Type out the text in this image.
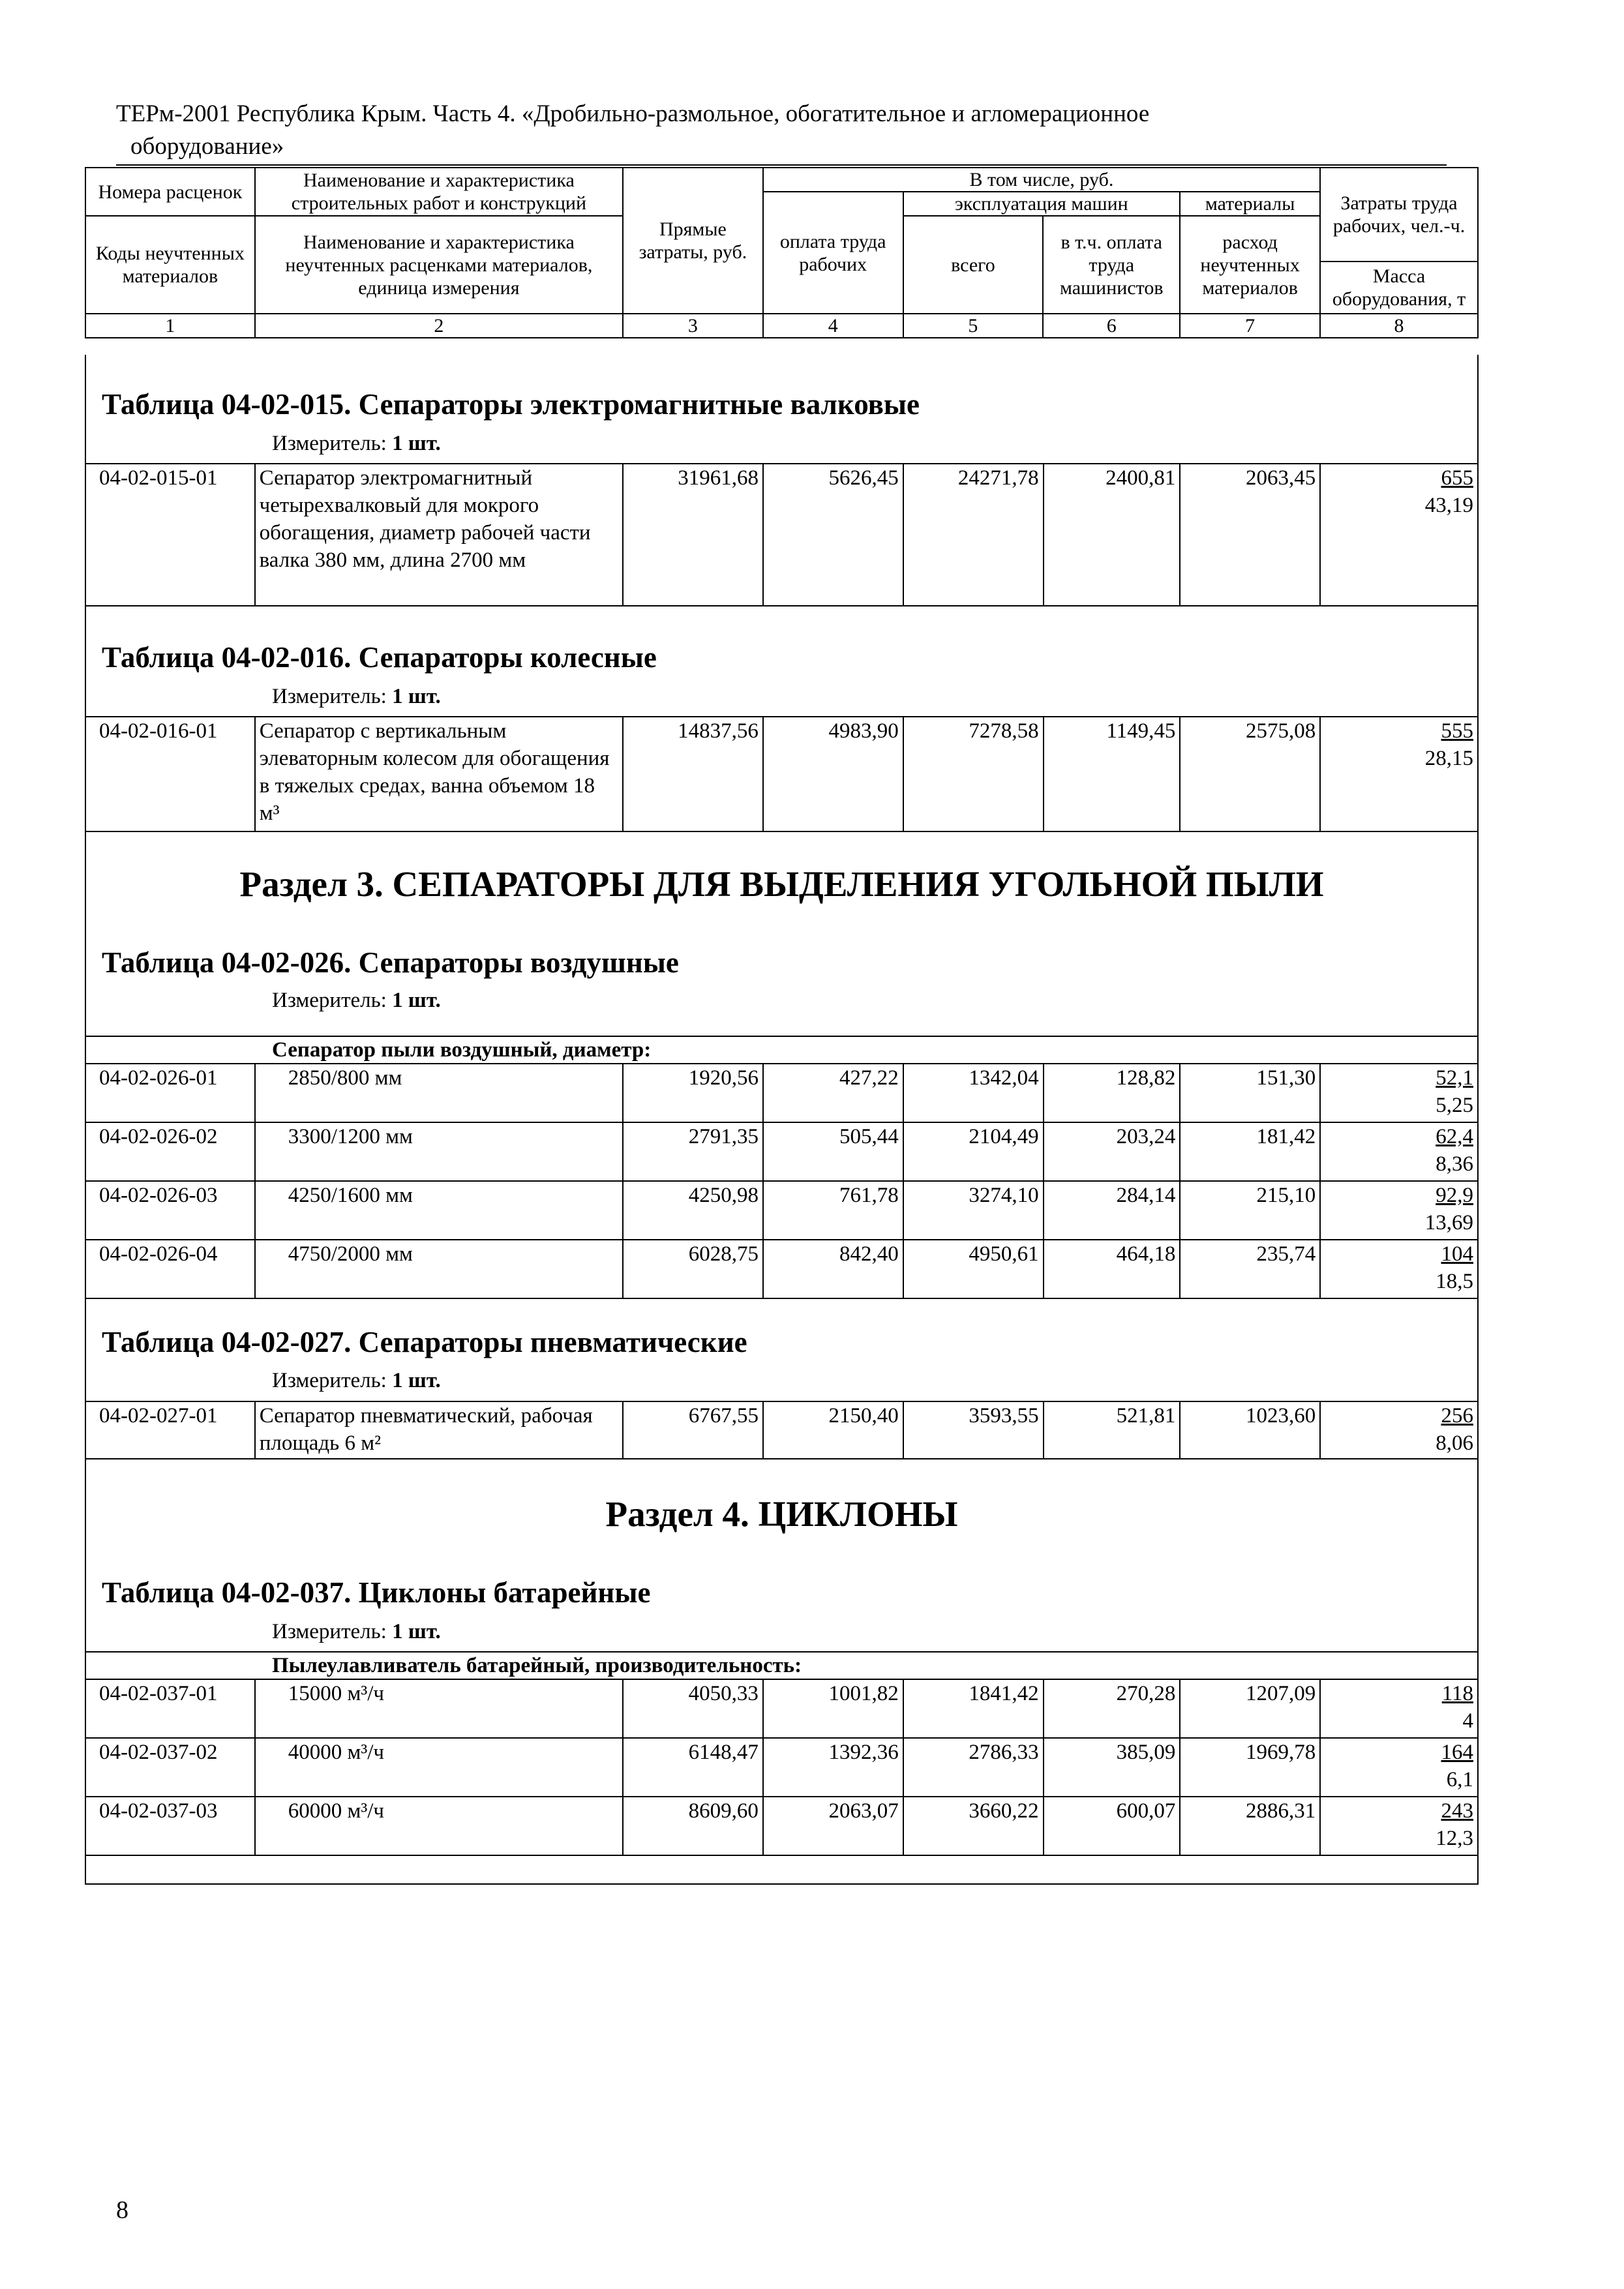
ТЕРм-2001 Республика Крым. Часть 4. «Дробильно-размольное, обогатительное и агломерационное
оборудование»
Номера расценок	Наименование и характеристика строительных работ и конструкций	Прямые затраты, руб.	В том числе, руб.				Затраты труда рабочих, чел.-ч.
			оплата труда рабочих	эксплуатация машин		материалы	
Коды неучтенных материалов	Наименование и характеристика неучтенных расценками материалов, единица измерения			всего	в т.ч. оплата труда машинистов	расход неучтенных материалов	
							Масса оборудования, т
1	2	3	4	5	6	7	8
Таблица 04-02-015. Сепараторы электромагнитные валковые
Измеритель: 1 шт.
04-02-015-01	Сепаратор электромагнитный четырехвалковый для мокрого обогащения, диаметр рабочей части валка 380 мм, длина 2700 мм	31961,68	5626,45	24271,78	2400,81	2063,45	655
43,19
Таблица 04-02-016. Сепараторы колесные
Измеритель: 1 шт.
04-02-016-01	Сепаратор с вертикальным элеваторным колесом для обогащения в тяжелых средах, ванна объемом 18 м³	14837,56	4983,90	7278,58	1149,45	2575,08	555
28,15
Раздел 3. СЕПАРАТОРЫ ДЛЯ ВЫДЕЛЕНИЯ УГОЛЬНОЙ ПЫЛИ
Таблица 04-02-026. Сепараторы воздушные
Измеритель: 1 шт.
Сепаратор пыли воздушный, диаметр:							
04-02-026-01	2850/800 мм	1920,56	427,22	1342,04	128,82	151,30	52,1
5,25

04-02-026-02	3300/1200 мм	2791,35	505,44	2104,49	203,24	181,42	62,4
8,36

04-02-026-03	4250/1600 мм	4250,98	761,78	3274,10	284,14	215,10	92,9
13,69

04-02-026-04	4750/2000 мм	6028,75	842,40	4950,61	464,18	235,74	104
18,5
Таблица 04-02-027. Сепараторы пневматические
Измеритель: 1 шт.
04-02-027-01	Сепаратор пневматический, рабочая площадь 6 м²	6767,55	2150,40	3593,55	521,81	1023,60	256
8,06
Раздел 4. ЦИКЛОНЫ
Таблица 04-02-037. Циклоны батарейные
Измеритель: 1 шт.
Пылеулавливатель батарейный, производительность:							
04-02-037-01	15000 м³/ч	4050,33	1001,82	1841,42	270,28	1207,09	118
4

04-02-037-02	40000 м³/ч	6148,47	1392,36	2786,33	385,09	1969,78	164
6,1

04-02-037-03	60000 м³/ч	8609,60	2063,07	3660,22	600,07	2886,31	243
12,3
8
